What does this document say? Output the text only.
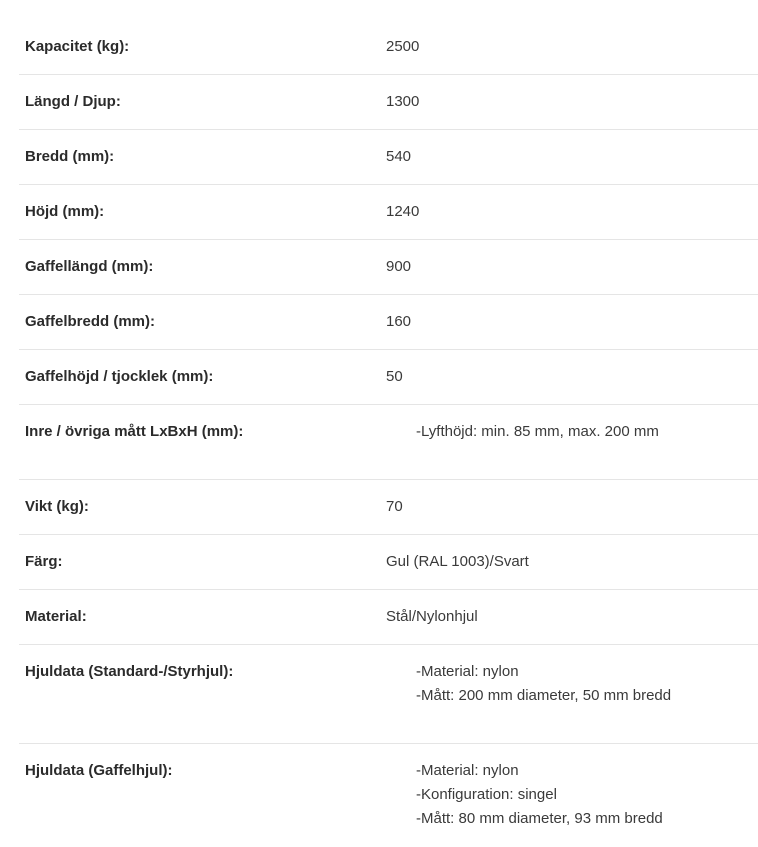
Kapacitet (kg):	2500
Längd / Djup:	1300
Bredd (mm):	540
Höjd (mm):	1240
Gaffellängd (mm):	900
Gaffelbredd (mm):	160
Gaffelhöjd / tjocklek (mm):	50
Inre / övriga mått LxBxH (mm):	-Lyfthöjd: min. 85 mm, max. 200 mm
Vikt (kg):	70
Färg:	Gul (RAL 1003)/Svart
Material:	Stål/Nylonhjul
Hjuldata (Standard-/Styrhjul):	-Material: nylon
-Mått: 200 mm diameter, 50 mm bredd
Hjuldata (Gaffelhjul):	-Material: nylon
-Konfiguration: singel
-Mått: 80 mm diameter, 93 mm bredd
